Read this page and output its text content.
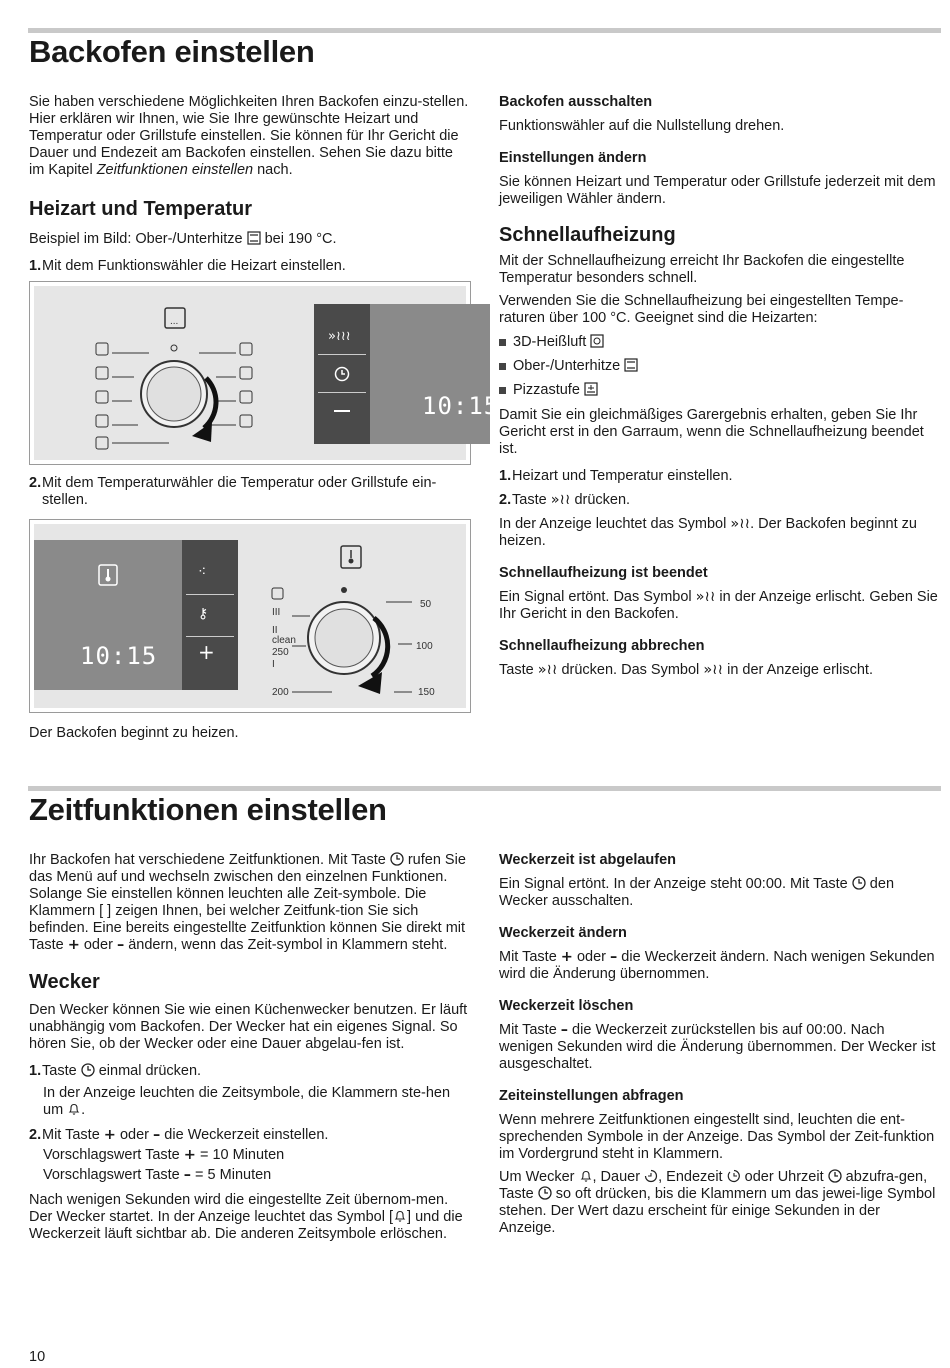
Backofen einstellen

Sie haben verschiedene Möglichkeiten Ihren Backofen einzu-stellen. Hier erklären wir Ihnen, wie Sie Ihre gewünschte Heizart und Temperatur oder Grillstufe einstellen. Sie können für Ihr Gericht die Dauer und Endezeit am Backofen einstellen. Sehen Sie dazu bitte im Kapitel Zeitfunktionen einstellen nach.

Heizart und Temperatur

Beispiel im Bild: Ober-/Unterhitze
bei 190 °C.

1.Mit dem Funktionswähler die Heizart einstellen.

...
»≀≀≀
10:15

2.Mit dem Temperaturwähler die Temperatur oder Grillstufe ein-stellen.

10:15
⁖
⚷
+
III
II
clean
250
I
200
50
100
150

Der Backofen beginnt zu heizen.

Backofen ausschalten

Funktionswähler auf die Nullstellung drehen.

Einstellungen ändern

Sie können Heizart und Temperatur oder Grillstufe jederzeit mit dem jeweiligen Wähler ändern.

Schnellaufheizung

Mit der Schnellaufheizung erreicht Ihr Backofen die eingestellte Temperatur besonders schnell.

Verwenden Sie die Schnellaufheizung bei eingestellten Tempe-raturen über 100 °C. Geeignet sind die Heizarten:

3D-Heißluft

Ober-/Unterhitze

Pizzastufe

Damit Sie ein gleichmäßiges Garergebnis erhalten, geben Sie Ihr Gericht erst in den Garraum, wenn die Schnellaufheizung beendet ist.

1.Heizart und Temperatur einstellen.

2.Taste »≀≀ drücken.

In der Anzeige leuchtet das Symbol »≀≀. Der Backofen beginnt zu heizen.

Schnellaufheizung ist beendet

Ein Signal ertönt. Das Symbol »≀≀ in der Anzeige erlischt. Geben Sie Ihr Gericht in den Backofen.

Schnellaufheizung abbrechen

Taste »≀≀ drücken. Das Symbol »≀≀ in der Anzeige erlischt.

Zeitfunktionen einstellen

Ihr Backofen hat verschiedene Zeitfunktionen. Mit Taste
rufen Sie das Menü auf und wechseln zwischen den einzelnen Funktionen. Solange Sie einstellen können leuchten alle Zeit-symbole. Die Klammern [ ] zeigen Ihnen, bei welcher Zeitfunk-tion Sie sich befinden. Eine bereits eingestellte Zeitfunktion können Sie direkt mit Taste + oder – ändern, wenn das Zeit-symbol in Klammern steht.

Wecker

Den Wecker können Sie wie einen Küchenwecker benutzen. Er läuft unabhängig vom Backofen. Der Wecker hat ein eigenes Signal. So hören Sie, ob der Wecker oder eine Dauer abgelau-fen ist.

1.Taste
einmal drücken.

In der Anzeige leuchten die Zeitsymbole, die Klammern ste-hen um
.

2.Mit Taste + oder – die Weckerzeit einstellen.

Vorschlagswert Taste + = 10 Minuten

Vorschlagswert Taste – = 5 Minuten

Nach wenigen Sekunden wird die eingestellte Zeit übernom-men. Der Wecker startet. In der Anzeige leuchtet das Symbol [ ] und die Weckerzeit läuft sichtbar ab. Die anderen Zeitsymbole erlöschen.

Weckerzeit ist abgelaufen

Ein Signal ertönt. In der Anzeige steht 00:00. Mit Taste
den Wecker ausschalten.

Weckerzeit ändern

Mit Taste + oder – die Weckerzeit ändern. Nach wenigen Sekunden wird die Änderung übernommen.

Weckerzeit löschen

Mit Taste – die Weckerzeit zurückstellen bis auf 00:00. Nach wenigen Sekunden wird die Änderung übernommen. Der Wecker ist ausgeschaltet.

Zeiteinstellungen abfragen

Wenn mehrere Zeitfunktionen eingestellt sind, leuchten die ent-sprechenden Symbole in der Anzeige. Das Symbol der Zeit-funktion im Vordergrund steht in Klammern.

Um Wecker
, Dauer
, Endezeit
oder Uhrzeit
abzufra-gen, Taste
so oft drücken, bis die Klammern um das jewei-lige Symbol stehen. Der Wert dazu erscheint für einige Sekunden in der Anzeige.

10
